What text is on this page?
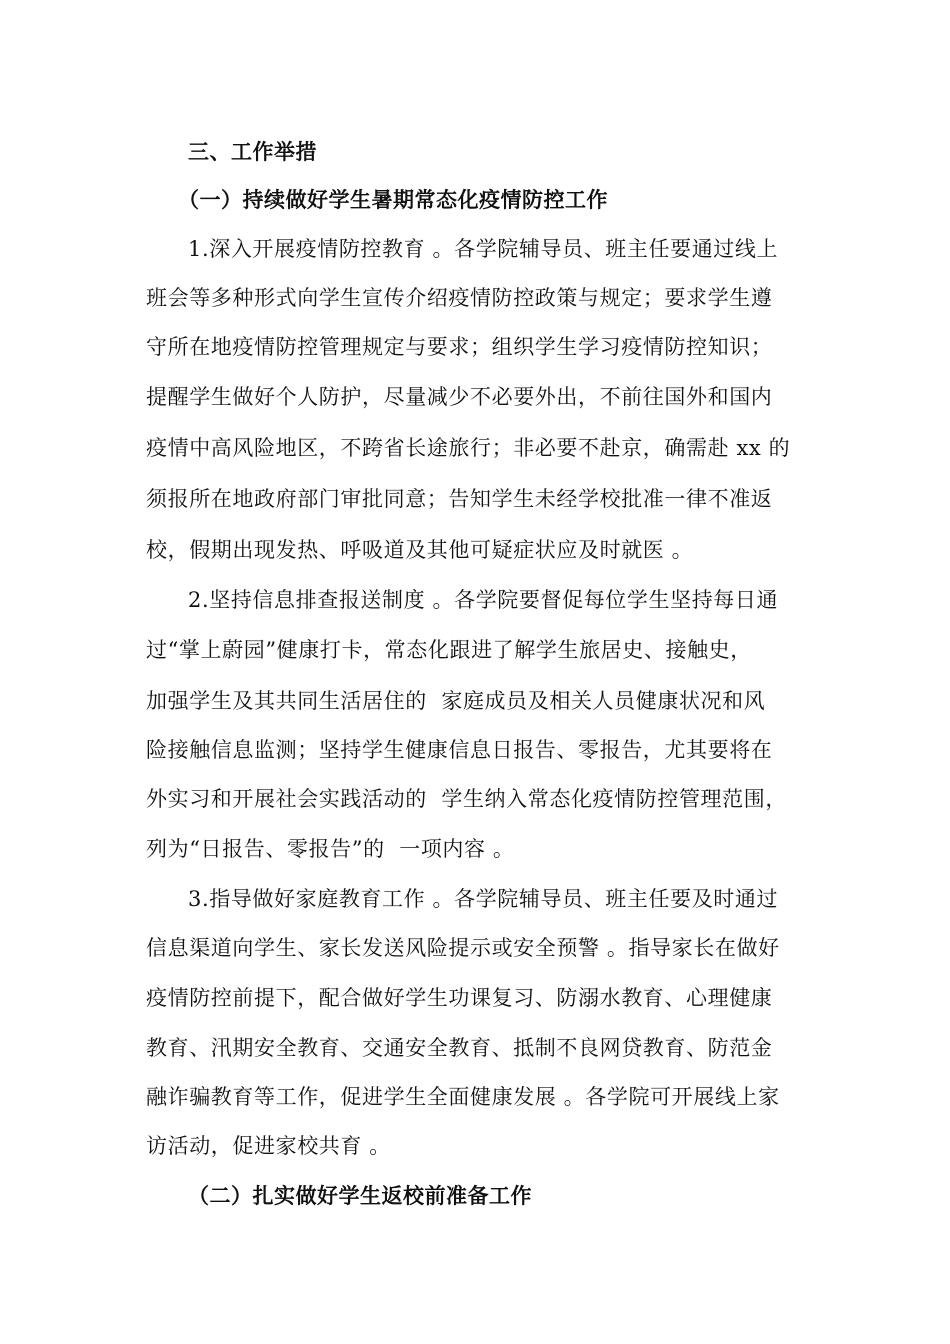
三、工作举措
（一）持续做好学生暑期常态化疫情防控工作
1.深入开展疫情防控教育 。各学院辅导员、班主任要通过线上
班会等多种形式向学生宣传介绍疫情防控政策与规定；要求学生遵
守所在地疫情防控管理规定与要求；组织学生学习疫情防控知识；
提醒学生做好个人防护，尽量减少不必要外出，不前往国外和国内
疫情中高风险地区，不跨省长途旅行；非必要不赴京，确需赴 xx 的
须报所在地政府部门审批同意；告知学生未经学校批准一律不准返
校，假期出现发热、呼吸道及其他可疑症状应及时就医 。
2.坚持信息排查报送制度 。各学院要督促每位学生坚持每日通
过“掌上蔚园”健康打卡，常态化跟进了解学生旅居史、接触史，
加强学生及其共同生活居住的  家庭成员及相关人员健康状况和风
险接触信息监测；坚持学生健康信息日报告、零报告，尤其要将在
外实习和开展社会实践活动的  学生纳入常态化疫情防控管理范围，
列为“日报告、零报告”的  一项内容 。
3.指导做好家庭教育工作 。各学院辅导员、班主任要及时通过
信息渠道向学生、家长发送风险提示或安全预警 。指导家长在做好
疫情防控前提下，配合做好学生功课复习、防溺水教育、心理健康
教育、汛期安全教育、交通安全教育、抵制不良网贷教育、防范金
融诈骗教育等工作，促进学生全面健康发展 。各学院可开展线上家
访活动，促进家校共育 。
（二）扎实做好学生返校前准备工作
